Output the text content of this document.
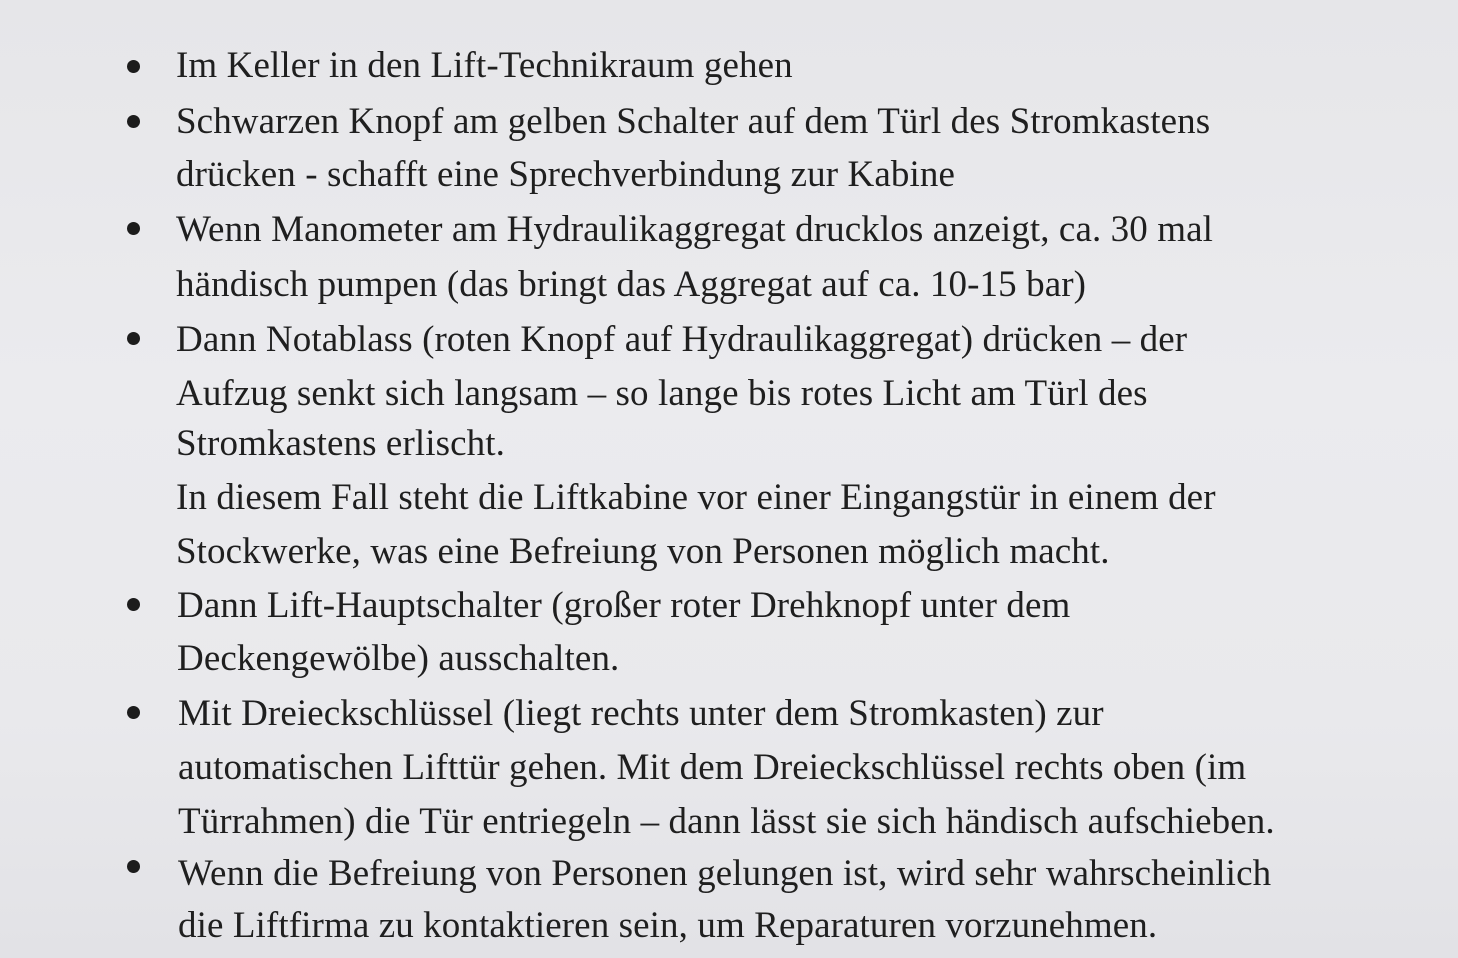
Im Keller in den Lift-Technikraum gehen
Schwarzen Knopf am gelben Schalter auf dem Türl des Stromkastens
drücken - schafft eine Sprechverbindung zur Kabine
Wenn Manometer am Hydraulikaggregat drucklos anzeigt, ca. 30 mal
händisch pumpen (das bringt das Aggregat auf ca. 10-15 bar)
Dann Notablass (roten Knopf auf Hydraulikaggregat) drücken – der
Aufzug senkt sich langsam – so lange bis rotes Licht am Türl des
Stromkastens erlischt.
In diesem Fall steht die Liftkabine vor einer Eingangstür in einem der
Stockwerke, was eine Befreiung von Personen möglich macht.
Dann Lift-Hauptschalter (großer roter Drehknopf unter dem
Deckengewölbe) ausschalten.
Mit Dreieckschlüssel (liegt rechts unter dem Stromkasten) zur
automatischen Lifttür gehen. Mit dem Dreieckschlüssel rechts oben (im
Türrahmen) die Tür entriegeln – dann lässt sie sich händisch aufschieben.
Wenn die Befreiung von Personen gelungen ist, wird sehr wahrscheinlich
die Liftfirma zu kontaktieren sein, um Reparaturen vorzunehmen.
